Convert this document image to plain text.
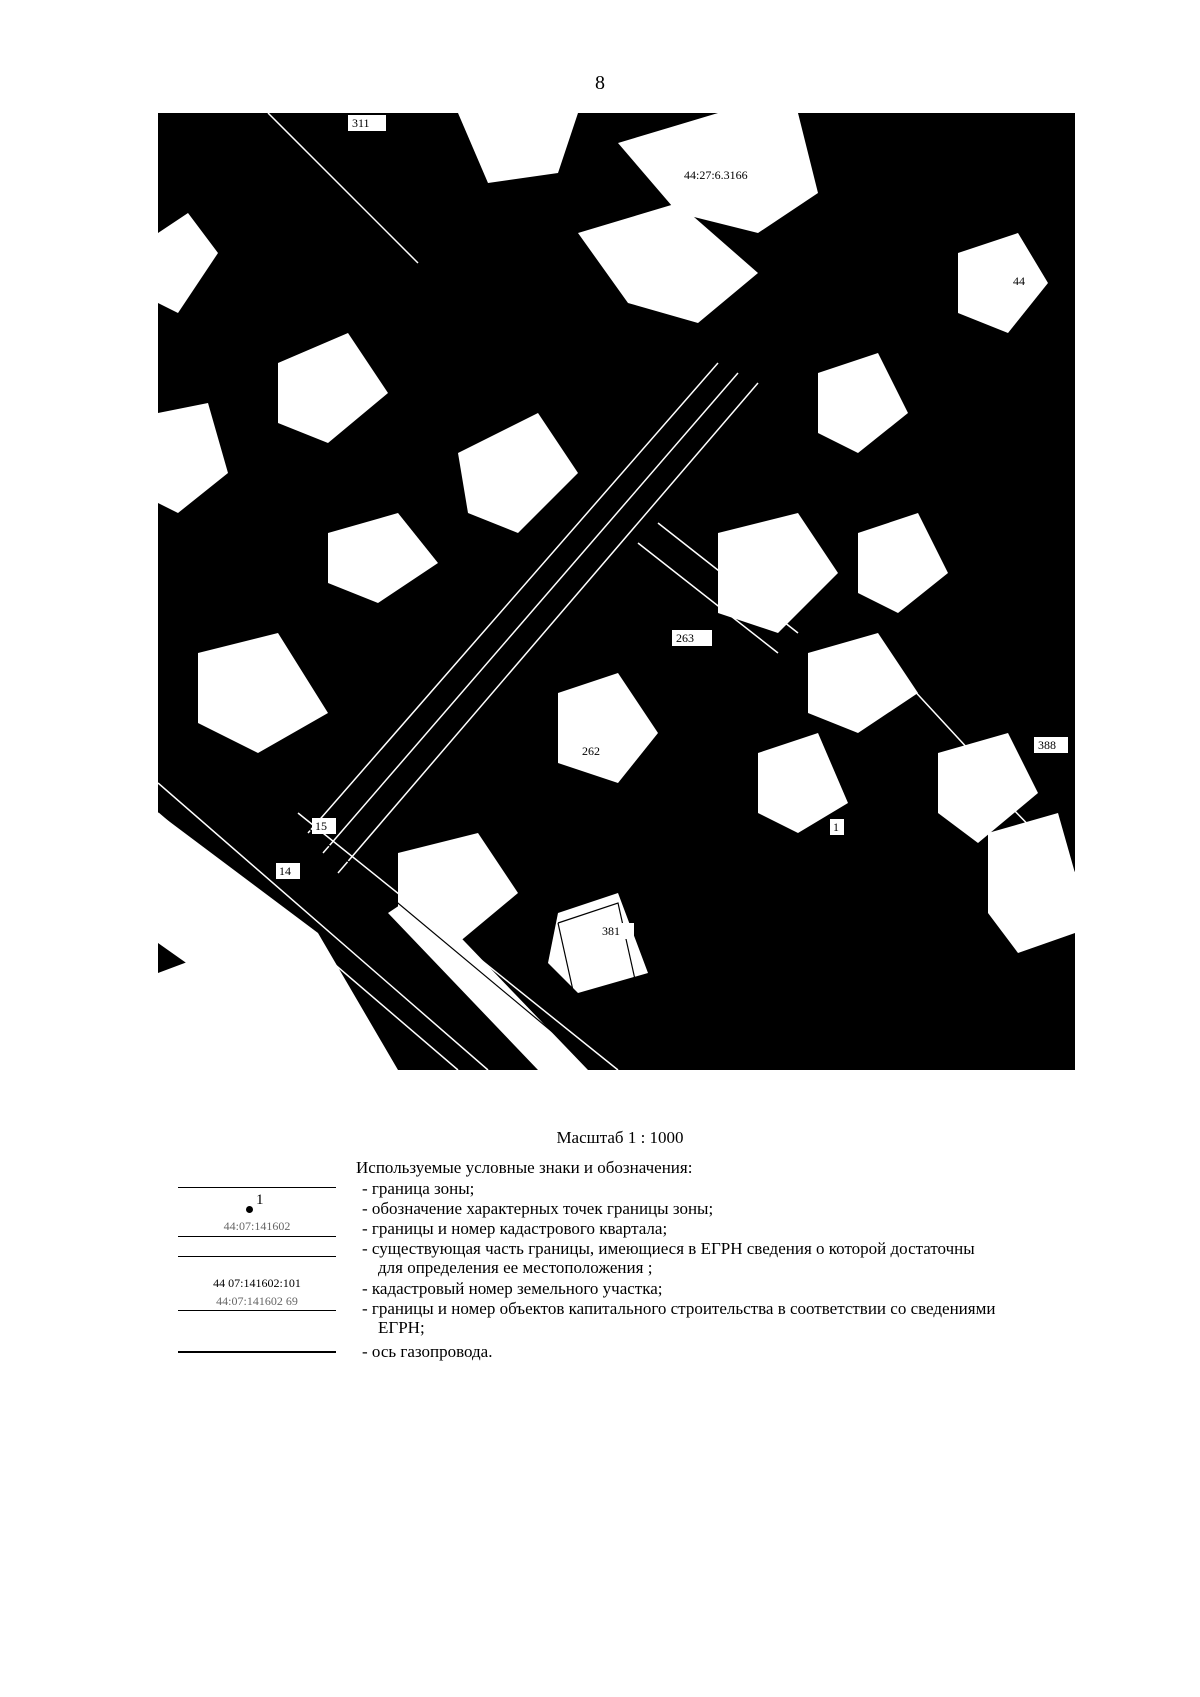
8
311
44:27:6.3166
44
263
262	388
15
14
381
1
Масштаб 1 : 1000
Используемые условные знаки и обозначения:
1
44:07:141602
44 07:141602:101
44:07:141602 69
- граница зоны;
- обозначение характерных точек границы зоны;
- границы и номер кадастрового квартала;
- существующая часть границы, имеющиеся в ЕГРН сведения о которой достаточны
для определения ее местоположения ;
- кадастровый номер земельного участка;
- границы и номер объектов капитального строительства в соответствии со сведениями
ЕГРН;
- ось газопровода.
